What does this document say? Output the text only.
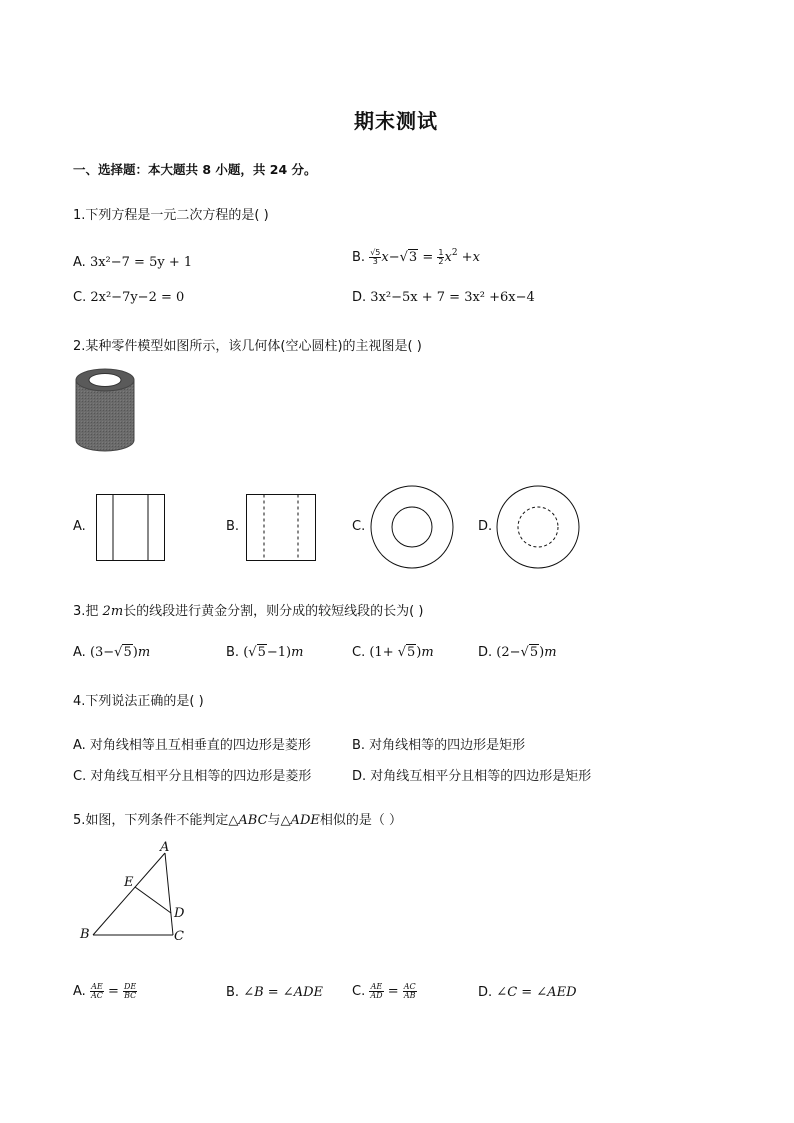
期末测试
一、选择题：本大题共 8 小题，共 24 分。
1.下列方程是一元二次方程的是( )
A. 3x²−7 = 5y + 1	B. $\frac{√5}{3} x-√3 = \frac{1}{2} x^2 +x$
C. 2x²−7y−2 = 0	D. 3x²−5x + 7 = 3x² +6x−4
2.某种零件模型如图所示，该几何体(空心圆柱)的主视图是( )
A.	B.	C.	D.
3.把 2m长的线段进行黄金分割，则分成的较短线段的长为( )
A. (3−√5)m	B. (√5−1)m	C. (1+ √5)m	D. (2−√5)m
4.下列说法正确的是( )
A. 对角线相等且互相垂直的四边形是菱形	B. 对角线相等的四边形是矩形
C. 对角线互相平分且相等的四边形是菱形	D. 对角线互相平分且相等的四边形是矩形
5.如图，下列条件不能判定△ABC与△ADE相似的是（ ）
A
E
D
B	C
A. $\frac{AE}{AC} = \frac{DE}{BC}$	B. ∠B = ∠ADE C. $\frac{AE}{AD} = \frac{AC}{AB}$	D. ∠C = ∠AED
